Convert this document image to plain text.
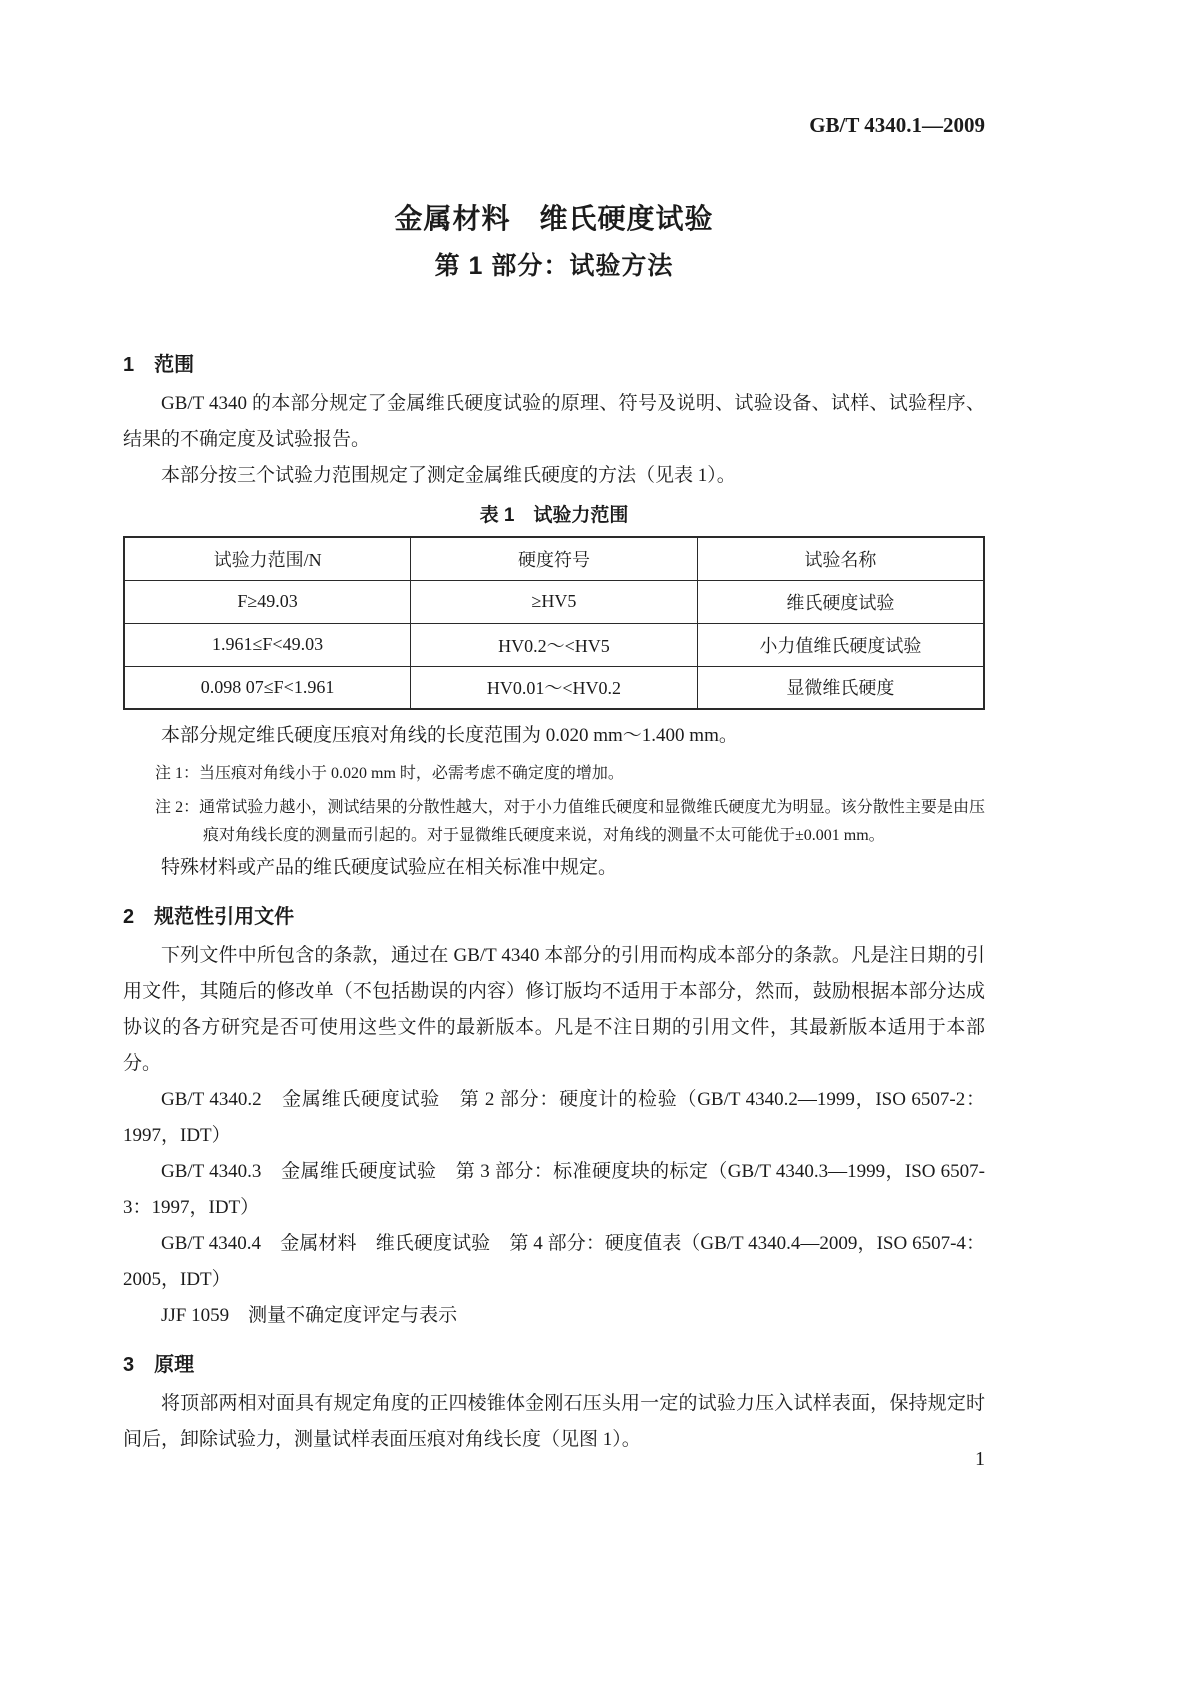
GB/T 4340.1—2009
金属材料　维氏硬度试验
第 1 部分：试验方法
1　范围

GB/T 4340 的本部分规定了金属维氏硬度试验的原理、符号及说明、试验设备、试样、试验程序、结果的不确定度及试验报告。

本部分按三个试验力范围规定了测定金属维氏硬度的方法（见表 1）。

表 1　试验力范围
试验力范围/N	硬度符号	试验名称
F≥49.03	≥HV5	维氏硬度试验
1.961≤F<49.03	HV0.2～<HV5	小力值维氏硬度试验
0.098 07≤F<1.961	HV0.01～<HV0.2	显微维氏硬度

本部分规定维氏硬度压痕对角线的长度范围为 0.020 mm～1.400 mm。

注 1：当压痕对角线小于 0.020 mm 时，必需考虑不确定度的增加。

注 2：通常试验力越小，测试结果的分散性越大，对于小力值维氏硬度和显微维氏硬度尤为明显。该分散性主要是由压痕对角线长度的测量而引起的。对于显微维氏硬度来说，对角线的测量不太可能优于±0.001 mm。

特殊材料或产品的维氏硬度试验应在相关标准中规定。

2　规范性引用文件

下列文件中所包含的条款，通过在 GB/T 4340 本部分的引用而构成本部分的条款。凡是注日期的引用文件，其随后的修改单（不包括勘误的内容）修订版均不适用于本部分，然而，鼓励根据本部分达成协议的各方研究是否可使用这些文件的最新版本。凡是不注日期的引用文件，其最新版本适用于本部分。

GB/T 4340.2　金属维氏硬度试验　第 2 部分：硬度计的检验（GB/T 4340.2—1999，ISO 6507-2：1997，IDT）

GB/T 4340.3　金属维氏硬度试验　第 3 部分：标准硬度块的标定（GB/T 4340.3—1999，ISO 6507-3：1997，IDT）

GB/T 4340.4　金属材料　维氏硬度试验　第 4 部分：硬度值表（GB/T 4340.4—2009，ISO 6507-4：2005，IDT）

JJF 1059　测量不确定度评定与表示

3　原理

将顶部两相对面具有规定角度的正四棱锥体金刚石压头用一定的试验力压入试样表面，保持规定时间后，卸除试验力，测量试样表面压痕对角线长度（见图 1）。

1
